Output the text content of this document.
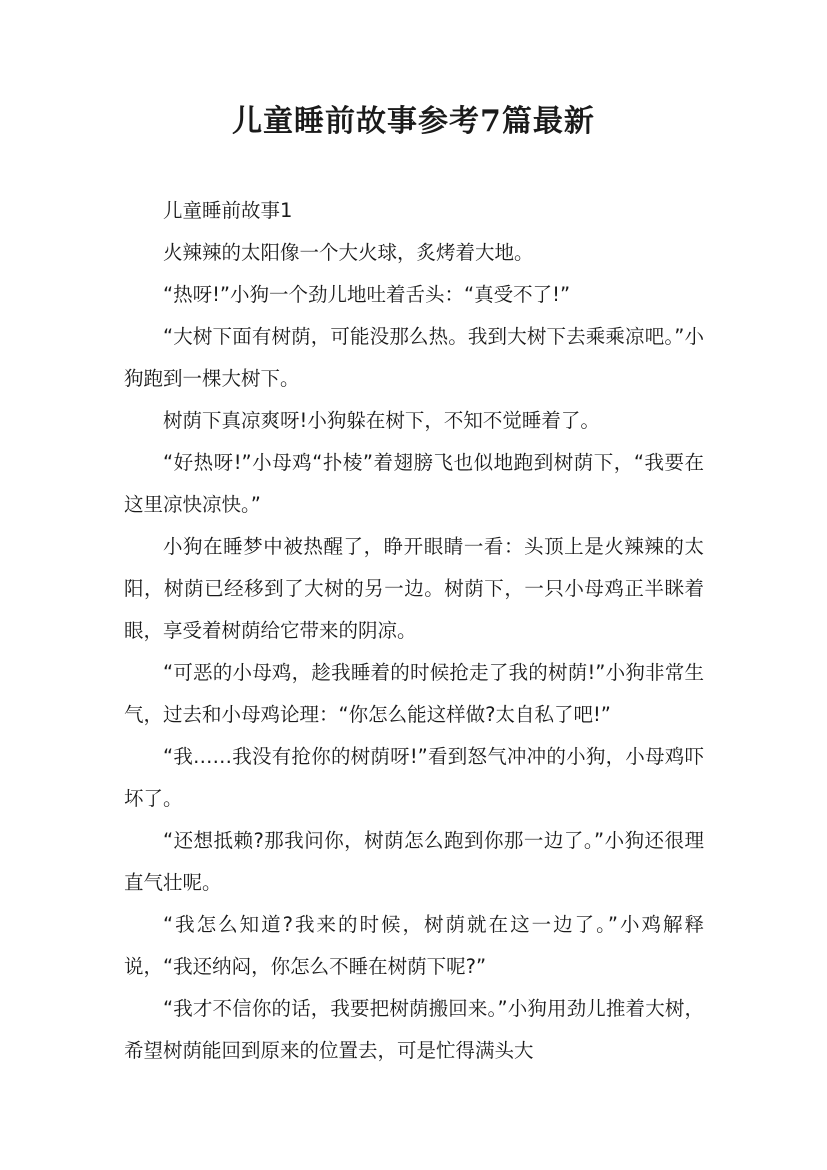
儿童睡前故事参考7篇最新

儿童睡前故事1

火辣辣的太阳像一个大火球，炙烤着大地。

“热呀!”小狗一个劲儿地吐着舌头：“真受不了!”

“大树下面有树荫，可能没那么热。我到大树下去乘乘凉吧。”小狗跑到一棵大树下。

树荫下真凉爽呀!小狗躲在树下，不知不觉睡着了。

“好热呀!”小母鸡“扑棱”着翅膀飞也似地跑到树荫下，“我要在这里凉快凉快。”

小狗在睡梦中被热醒了，睁开眼睛一看：头顶上是火辣辣的太阳，树荫已经移到了大树的另一边。树荫下，一只小母鸡正半眯着眼，享受着树荫给它带来的阴凉。

“可恶的小母鸡，趁我睡着的时候抢走了我的树荫!”小狗非常生气，过去和小母鸡论理：“你怎么能这样做?太自私了吧!”

“我……我没有抢你的树荫呀!”看到怒气冲冲的小狗，小母鸡吓坏了。

“还想抵赖?那我问你，树荫怎么跑到你那一边了。”小狗还很理直气壮呢。

“我怎么知道?我来的时候，树荫就在这一边了。”小鸡解释说，“我还纳闷，你怎么不睡在树荫下呢?”

“我才不信你的话，我要把树荫搬回来。”小狗用劲儿推着大树，希望树荫能回到原来的位置去，可是忙得满头大
